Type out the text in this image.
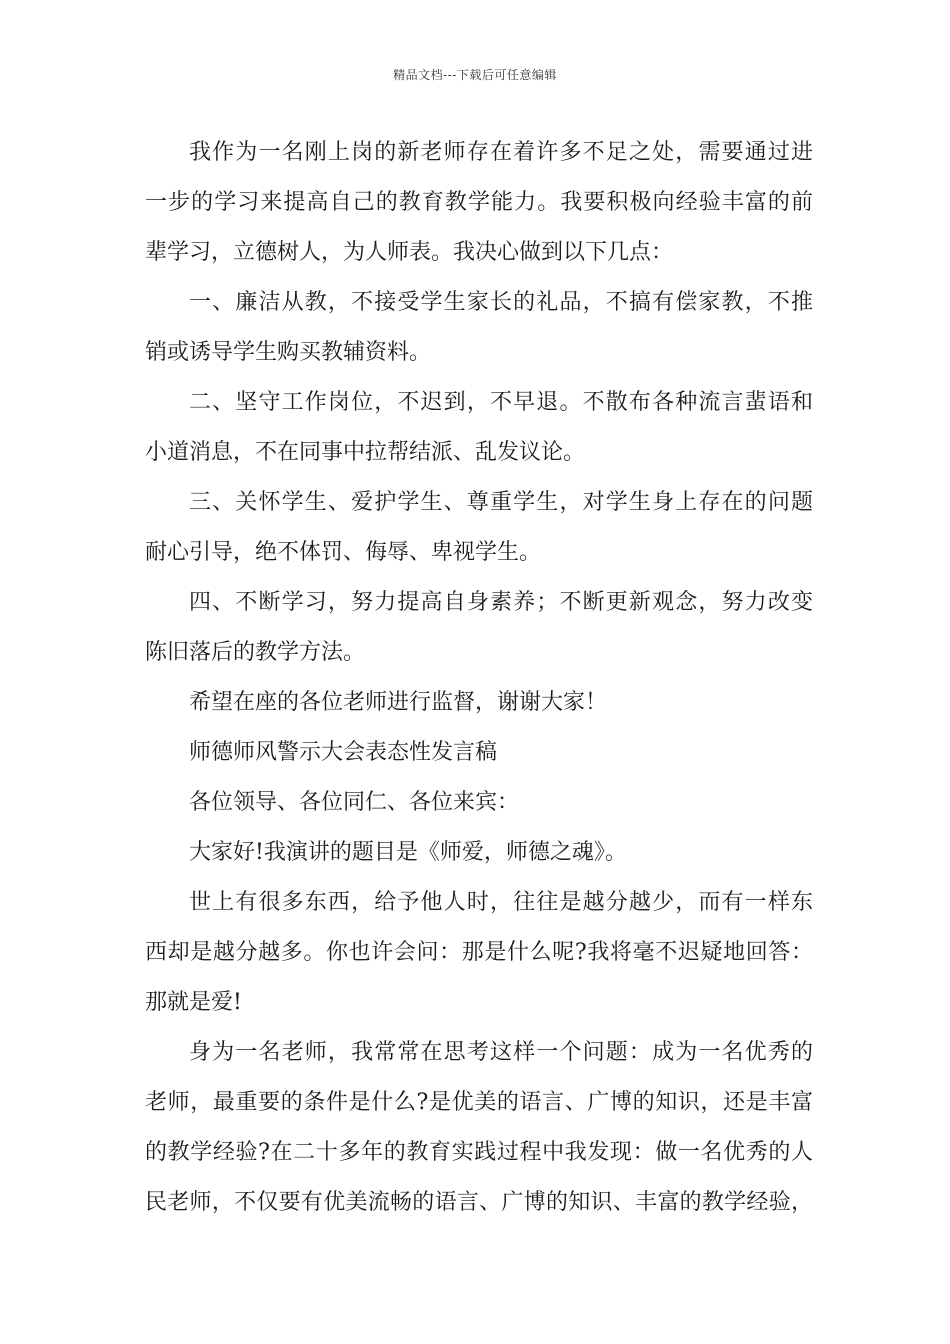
精品文档---下载后可任意编辑
我作为一名刚上岗的新老师存在着许多不足之处，需要通过进
一步的学习来提高自己的教育教学能力。我要积极向经验丰富的前
辈学习，立德树人，为人师表。我决心做到以下几点：
一、廉洁从教，不接受学生家长的礼品，不搞有偿家教，不推
销或诱导学生购买教辅资料。
二、坚守工作岗位，不迟到，不早退。不散布各种流言蜚语和
小道消息，不在同事中拉帮结派、乱发议论。
三、关怀学生、爱护学生、尊重学生，对学生身上存在的问题
耐心引导，绝不体罚、侮辱、卑视学生。
四、不断学习，努力提高自身素养；不断更新观念，努力改变
陈旧落后的教学方法。
希望在座的各位老师进行监督，谢谢大家！
师德师风警示大会表态性发言稿
各位领导、各位同仁、各位来宾：
大家好!我演讲的题目是《师爱，师德之魂》。
世上有很多东西，给予他人时，往往是越分越少，而有一样东
西却是越分越多。你也许会问：那是什么呢?我将毫不迟疑地回答：
那就是爱!
身为一名老师，我常常在思考这样一个问题：成为一名优秀的
老师，最重要的条件是什么?是优美的语言、广博的知识，还是丰富
的教学经验?在二十多年的教育实践过程中我发现：做一名优秀的人
民老师，不仅要有优美流畅的语言、广博的知识、丰富的教学经验，
